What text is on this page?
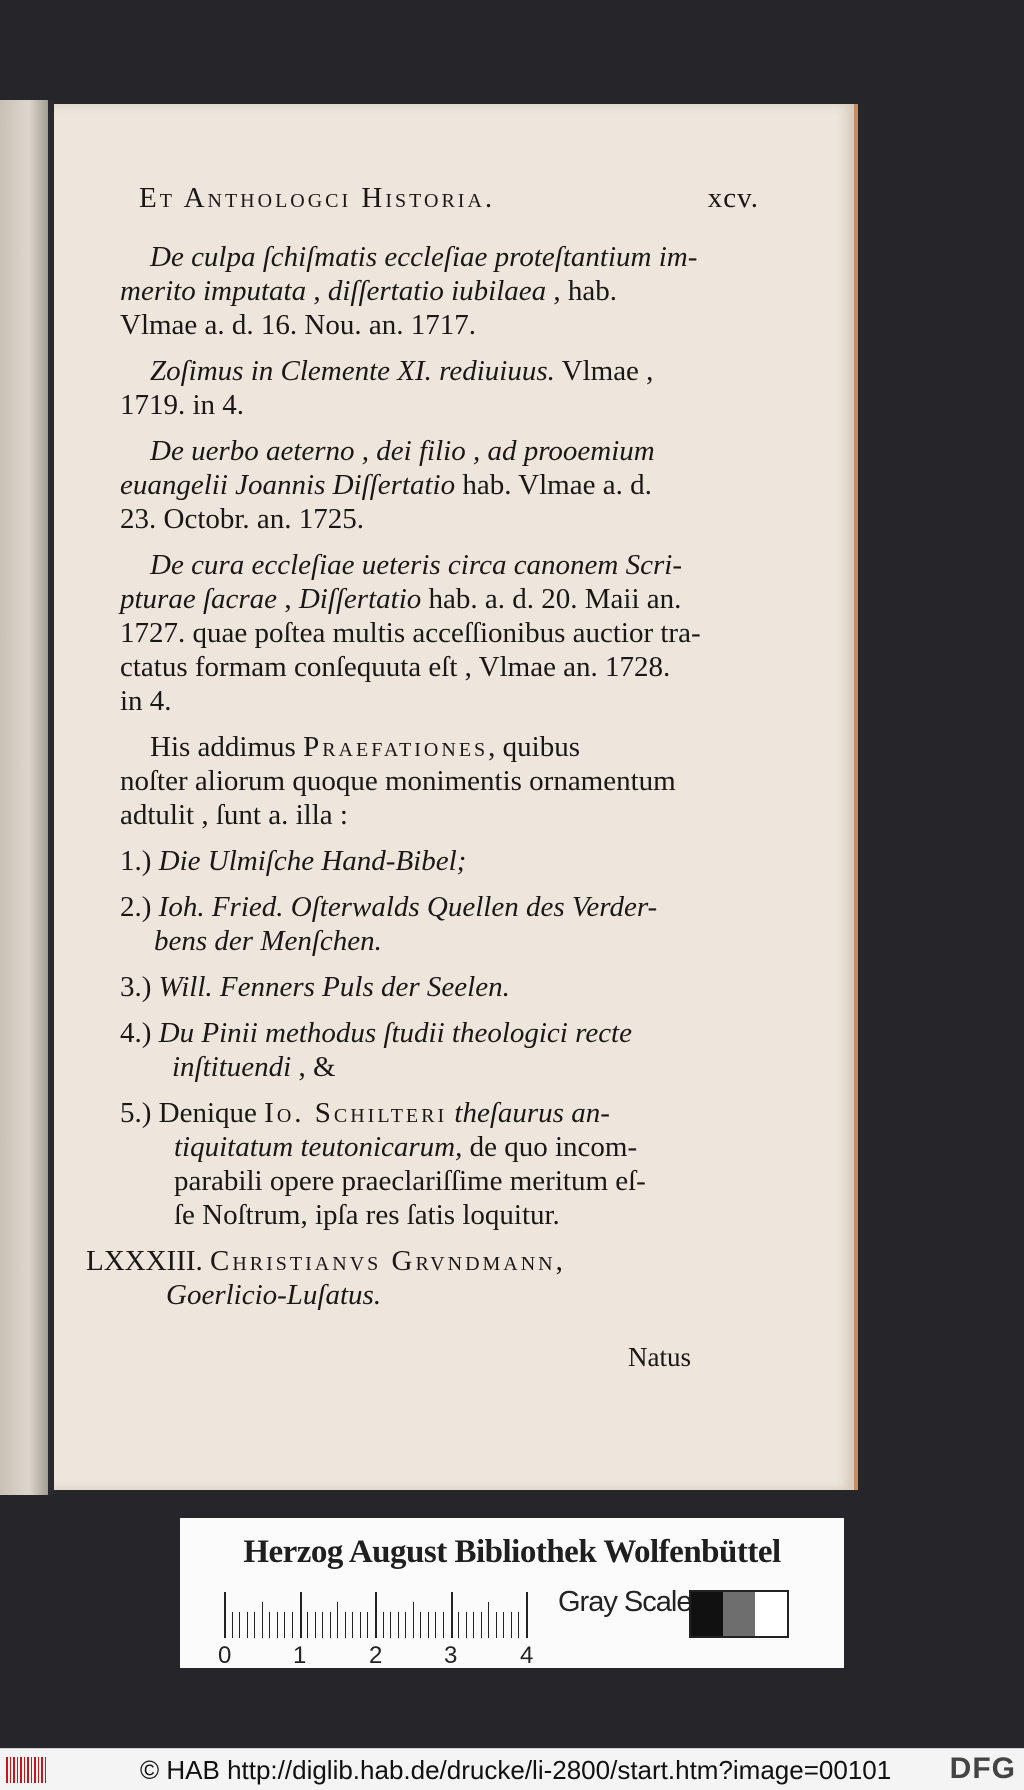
Et Anthologci Historia.	xcv.
De culpa ſchiſmatis eccleſiae proteſtantium im-
merito imputata , diſſertatio iubilaea , hab.
Vlmae a. d. 16. Nou. an. 1717.
Zoſimus in Clemente XI. rediuiuus. Vlmae ,
1719. in 4.
De uerbo aeterno , dei filio , ad prooemium
euangelii Joannis Diſſertatio hab. Vlmae a. d.
23. Octobr. an. 1725.
De cura eccleſiae ueteris circa canonem Scri-
pturae ſacrae , Diſſertatio hab. a. d. 20. Maii an.
1727. quae poſtea multis acceſſionibus auctior tra-
ctatus formam conſequuta eſt , Vlmae an. 1728.
in 4.
His addimus Praefationes, quibus
noſter aliorum quoque monimentis ornamentum
adtulit , ſunt a. illa :
1.) Die Ulmiſche Hand-Bibel;
2.) Ioh. Fried. Oſterwalds Quellen des Verder-
bens der Menſchen.
3.) Will. Fenners Puls der Seelen.
4.) Du Pinii methodus ſtudii theologici recte
inſtituendi , &
5.) Denique Io. Schilteri theſaurus an-
tiquitatum teutonicarum, de quo incom-
parabili opere praeclariſſime meritum eſ-
ſe Noſtrum, ipſa res ſatis loquitur.
LXXXIII. Christianvs Grvndmann,
Goerlicio-Luſatus.
Natus
Herzog August Bibliothek Wolfenbüttel
0	1	2	3	4
Gray Scale
© HAB http://diglib.hab.de/drucke/li-2800/start.htm?image=00101 DFG
